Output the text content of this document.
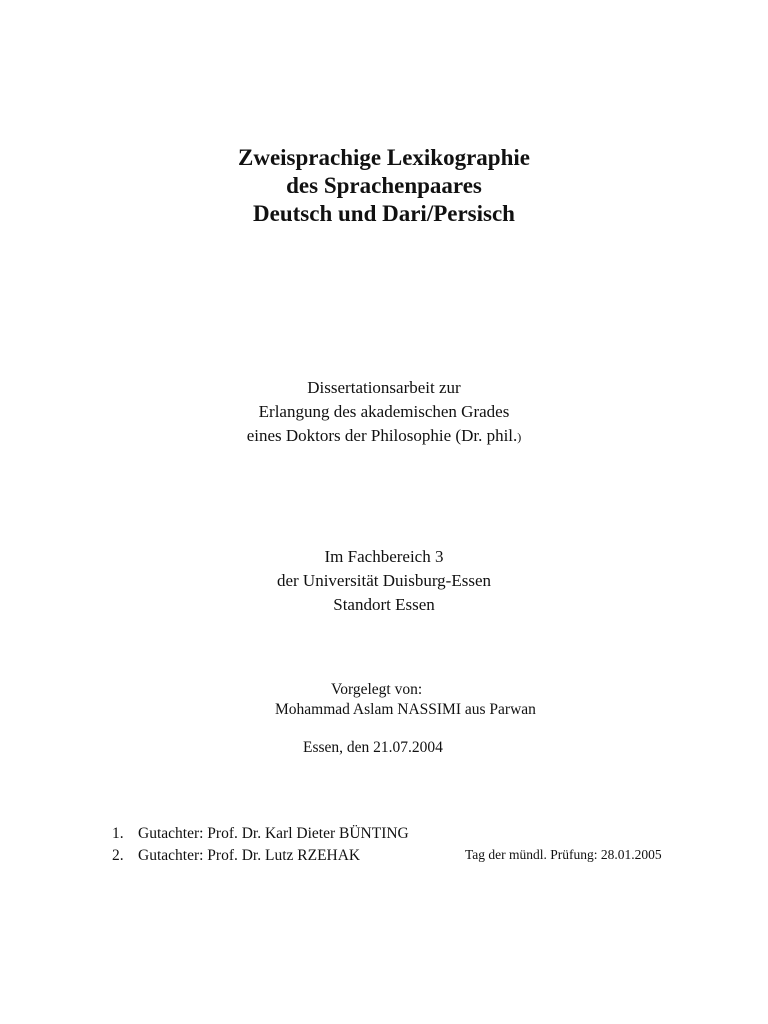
Zweisprachige Lexikographie
des Sprachenpaares
Deutsch und Dari/Persisch
Dissertationsarbeit zur
Erlangung des akademischen Grades
eines Doktors der Philosophie (Dr. phil.)
Im Fachbereich 3
der Universität Duisburg-Essen
Standort Essen
Vorgelegt von:
Mohammad Aslam NASSIMI aus Parwan
Essen, den 21.07.2004
1. Gutachter: Prof. Dr. Karl Dieter BÜNTING
2. Gutachter: Prof. Dr. Lutz RZEHAK	Tag der mündl. Prüfung: 28.01.2005
